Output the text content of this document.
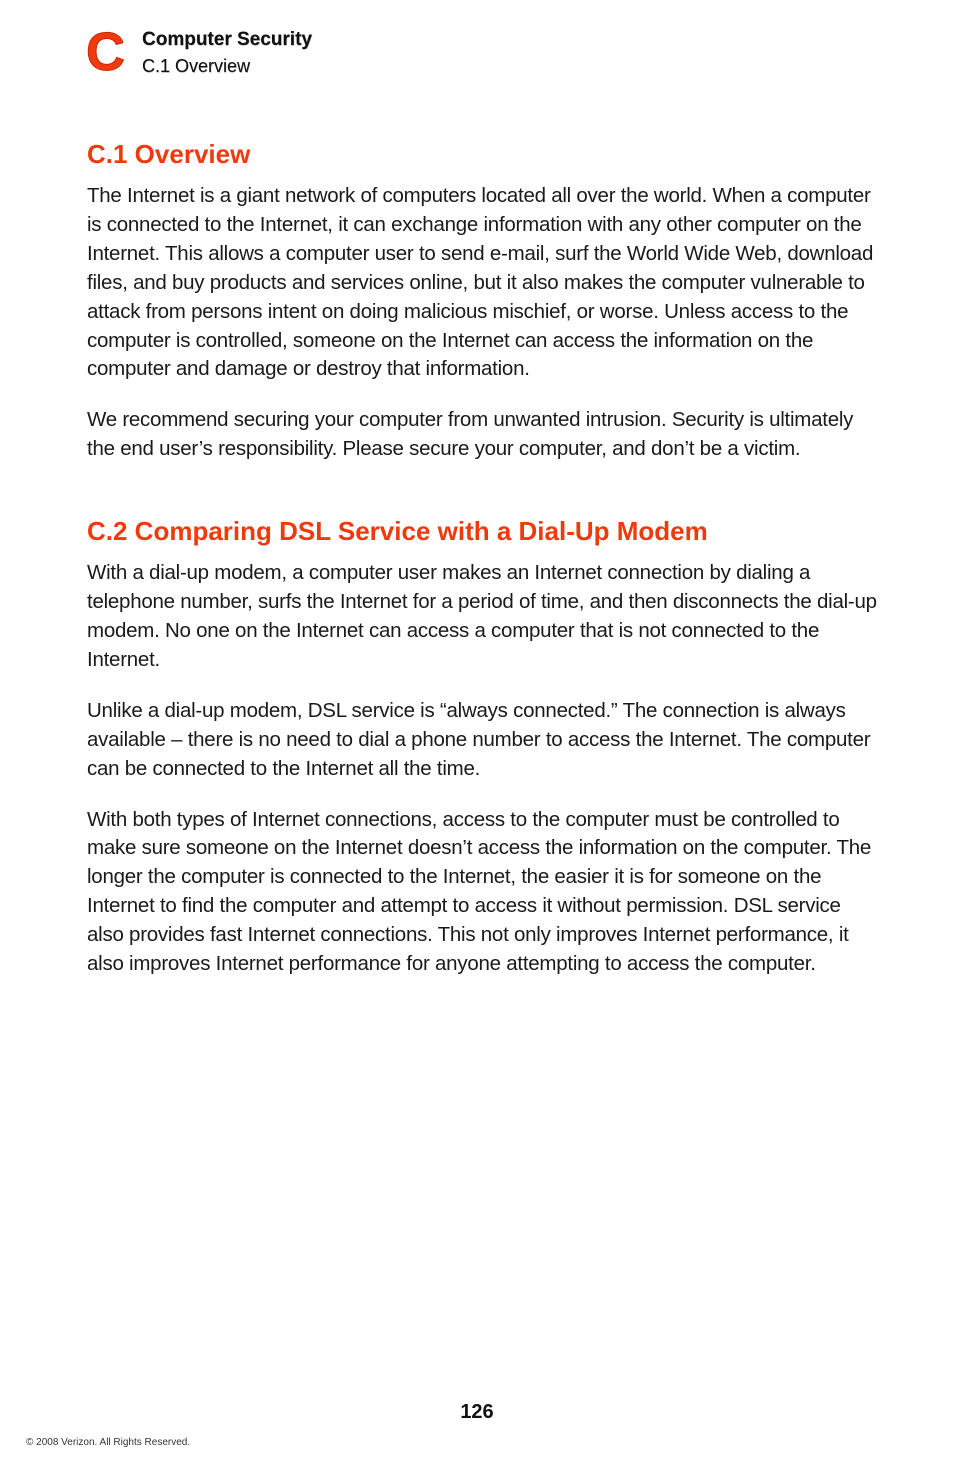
C Computer Security
C.1 Overview
C.1 Overview

The Internet is a giant network of computers located all over the world. When a computer is connected to the Internet, it can exchange information with any other computer on the Internet. This allows a computer user to send e-mail, surf the World Wide Web, download files, and buy products and services online, but it also makes the computer vulnerable to attack from persons intent on doing malicious mischief, or worse. Unless access to the computer is controlled, someone on the Internet can access the information on the computer and damage or destroy that information.

We recommend securing your computer from unwanted intrusion. Security is ultimately the end user’s responsibility. Please secure your computer, and don’t be a victim.

C.2 Comparing DSL Service with a Dial-Up Modem

With a dial-up modem, a computer user makes an Internet connection by dialing a telephone number, surfs the Internet for a period of time, and then disconnects the dial-up modem. No one on the Internet can access a computer that is not connected to the Internet.

Unlike a dial-up modem, DSL service is “always connected.” The connection is always available – there is no need to dial a phone number to access the Internet. The computer can be connected to the Internet all the time.

With both types of Internet connections, access to the computer must be controlled to make sure someone on the Internet doesn’t access the information on the computer. The longer the computer is connected to the Internet, the easier it is for someone on the Internet to find the computer and attempt to access it without permission. DSL service also provides fast Internet connections. This not only improves Internet performance, it also improves Internet performance for anyone attempting to access the computer.

126
© 2008 Verizon. All Rights Reserved.
